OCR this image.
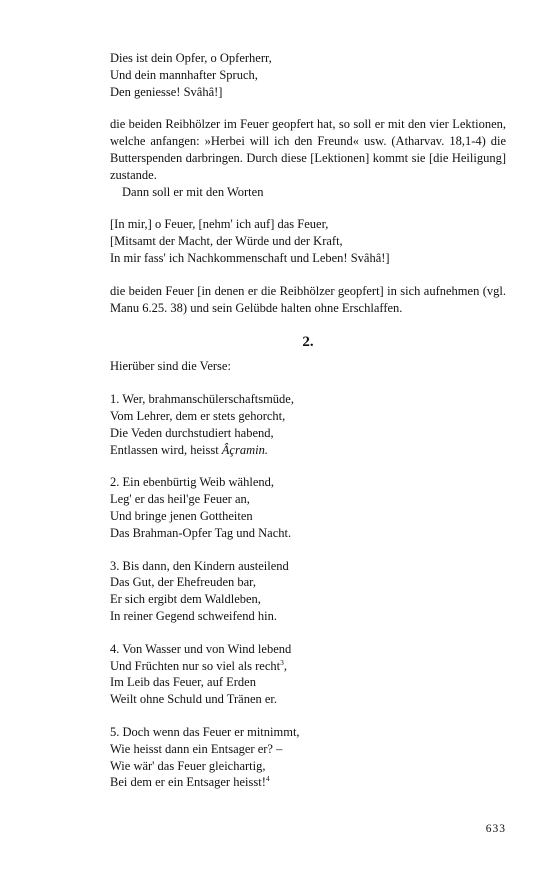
Dies ist dein Opfer, o Opferherr,
Und dein mannhafter Spruch,
Den geniesse! Svâhâ!]
die beiden Reibhölzer im Feuer geopfert hat, so soll er mit den vier Lektionen, welche anfangen: »Herbei will ich den Freund« usw. (Atharvav. 18,1-4) die Butterspenden darbringen. Durch diese [Lektionen] kommt sie [die Heiligung] zustande.
Dann soll er mit den Worten
[In mir,] o Feuer, [nehm' ich auf] das Feuer,
[Mitsamt der Macht, der Würde und der Kraft,
In mir fass' ich Nachkommenschaft und Leben! Svâhâ!]

die beiden Feuer [in denen er die Reibhölzer geopfert] in sich aufnehmen (vgl. Manu 6.25. 38) und sein Gelübde halten ohne Erschlaffen.

2.
Hierüber sind die Verse:
1. Wer, brahmanschülerschaftsmüde,
Vom Lehrer, dem er stets gehorcht,
Die Veden durchstudiert habend,
Entlassen wird, heisst Âçramin.
2. Ein ebenbürtig Weib wählend,
Leg' er das heil'ge Feuer an,
Und bringe jenen Gottheiten
Das Brahman-Opfer Tag und Nacht.
3. Bis dann, den Kindern austeilend
Das Gut, der Ehefreuden bar,
Er sich ergibt dem Waldleben,
In reiner Gegend schweifend hin.
4. Von Wasser und von Wind lebend
Und Früchten nur so viel als recht$^3$,
Im Leib das Feuer, auf Erden
Weilt ohne Schuld und Tränen er.
5. Doch wenn das Feuer er mitnimmt,
Wie heisst dann ein Entsager er? –
Wie wär' das Feuer gleichartig,
Bei dem er ein Entsager heisst!$^4$
633
